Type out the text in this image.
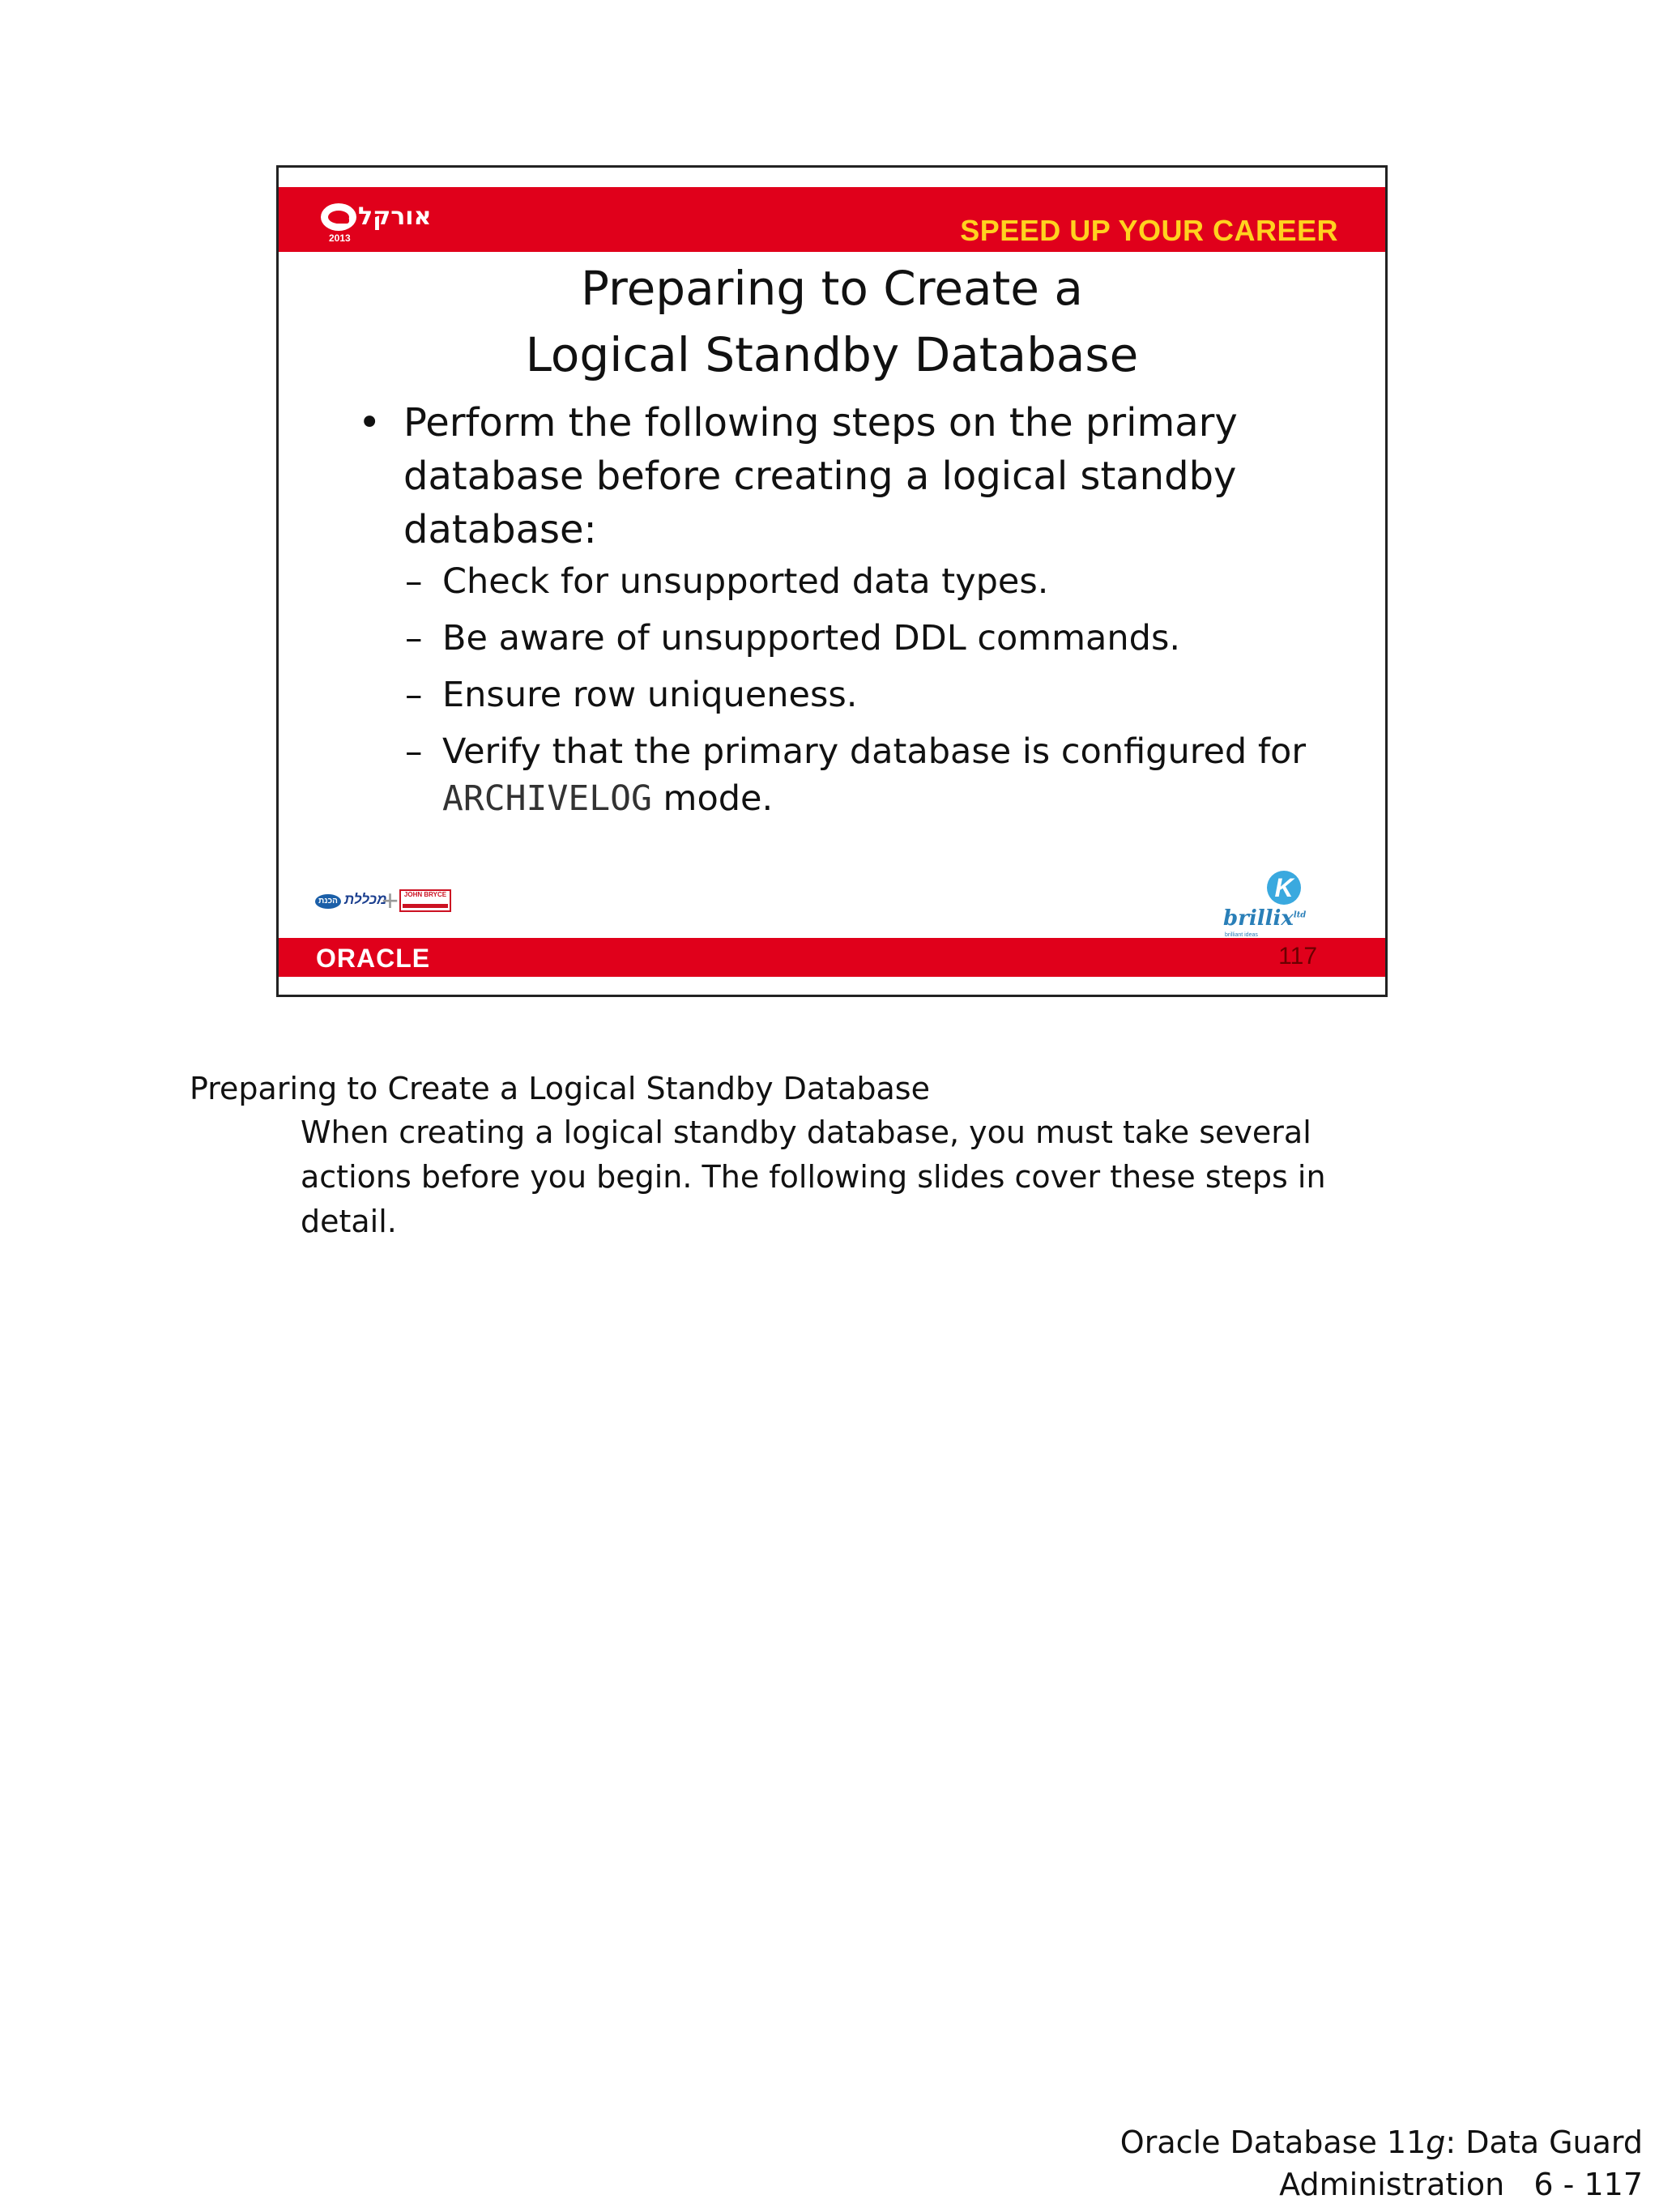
אורקל
2013	SPEED UP YOUR CAREER
Preparing to Create a
Logical Standby Database
• Perform the following steps on the primary database before creating a logical standby database:
– Check for unsupported data types.
– Be aware of unsupported DDL commands.
– Ensure row uniqueness.
– Verify that the primary database is configured for ARCHIVELOG mode.
הכנת מכללת
+ JOHN BRYCE	K
brillix$^{ltd}$
brilliant ideas
ORACLE	117
Preparing to Create a Logical Standby Database
When creating a logical standby database, you must take several actions before you begin. The following slides cover these steps in detail.
Oracle Database 11g: Data Guard
Administration   6 - 117
